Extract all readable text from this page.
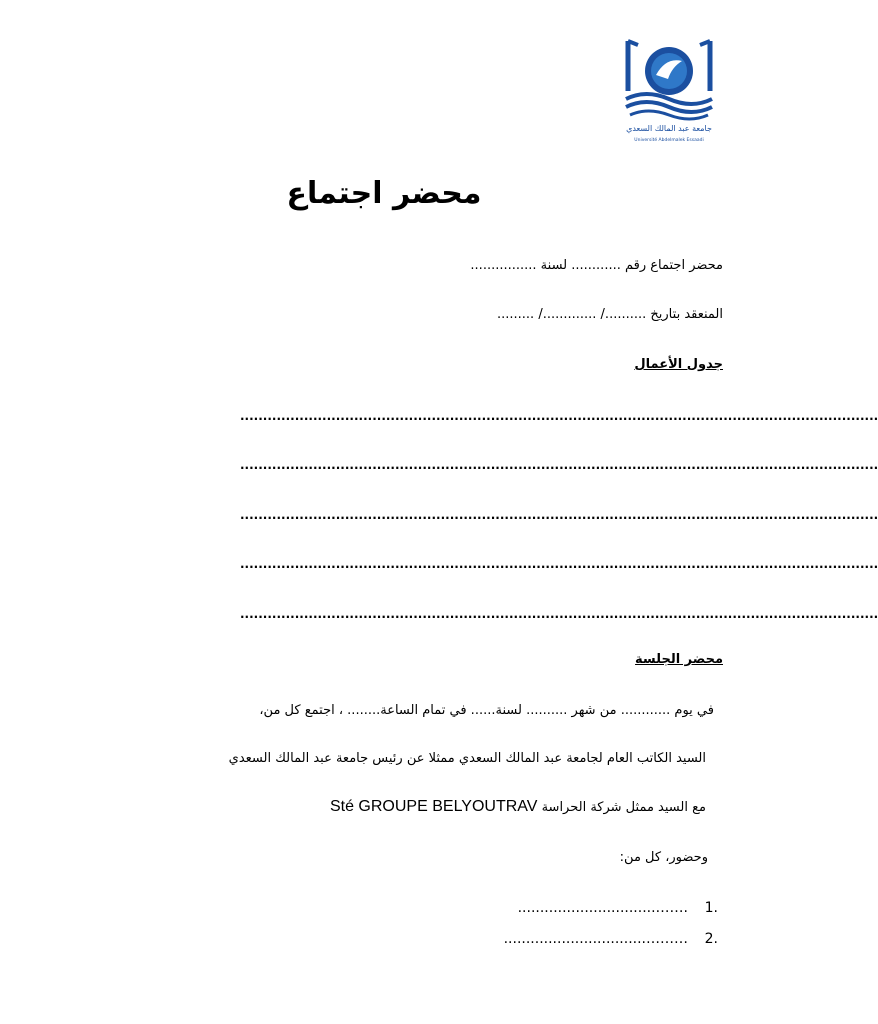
جامعة عبد المالك السعدي
Université Abdelmalek Essaadi
محضر اجتماع
محضر اجتماع رقم ............ لسنة ................
المنعقد بتاريخ ........../ ............./ .........
جدول الأعمال
............................................................................................................................................
............................................................................................................................................
............................................................................................................................................
............................................................................................................................................
............................................................................................................................................
محضر الجلسة
في يوم ............ من شهر .......... لسنة...... في تمام الساعة........ ، اجتمع كل من،
السيد الكاتب العام لجامعة عبد المالك السعدي ممثلا عن رئيس جامعة عبد المالك السعدي
مع السيد ممثل شركة الحراسة Sté GROUPE BELYOUTRAV
وحضور، كل من:
...............................……. 1.
................................……… 2.
